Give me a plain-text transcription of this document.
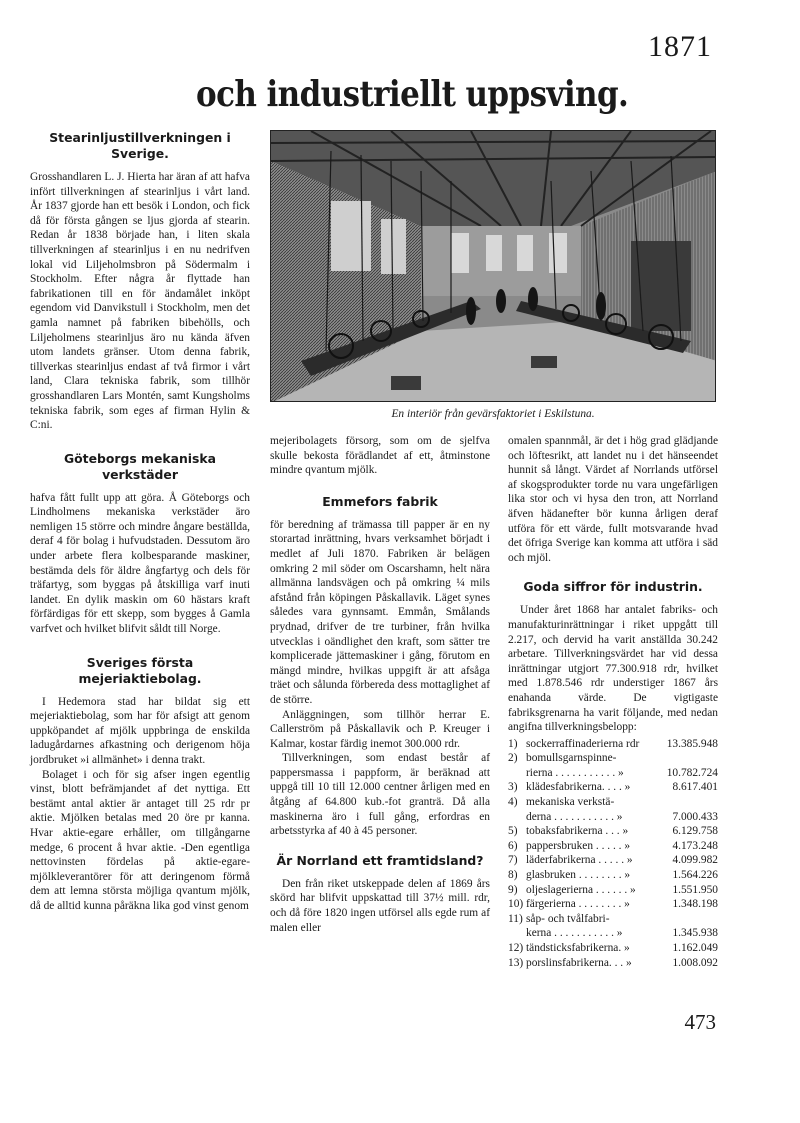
1871
och industriellt uppsving.
Stearinljustillverkningen i Sverige.

Grosshandlaren L. J. Hierta har äran af att hafva infört tillverkningen af stearinljus i vårt land. År 1837 gjorde han ett besök i London, och fick då för första gången se ljus gjorda af stearin. Redan år 1838 började han, i liten skala tillverkningen af stearinljus i en nu nedrifven lokal vid Liljeholmsbron på Södermalm i Stockholm. Efter några år flyttade han fabrikationen till en för ändamålet inköpt egendom vid Danvikstull i Stockholm, men det gamla namnet på fabriken bibehölls, och Liljeholmens stearinljus äro nu kända äfven utom landets gränser. Utom denna fabrik, tillverkas stearinljus endast af två firmor i vårt land, Clara tekniska fabrik, som tillhör grosshandlaren Lars Montén, samt Kungsholms tekniska fabrik, som eges af firman Hylin & C:ni.

Göteborgs mekaniska verkstäder

hafva fått fullt upp att göra. Å Göteborgs och Lindholmens mekaniska verkstäder äro nemligen 15 större och mindre ångare beställda, deraf 4 för bolag i hufvudstaden. Dessutom äro under arbete flera kolbesparande maskiner, bestämda dels för äldre ångfartyg och dels för träfartyg, som byggas på åtskilliga varf inuti landet. En dylik maskin om 60 hästars kraft förfärdigas för ett skepp, som bygges å Gamla varfvet och hvilket blifvit såldt till Norge.

Sveriges första mejeriaktiebolag.

I Hedemora stad har bildat sig ett mejeriaktiebolag, som har för afsigt att genom uppköpandet af mjölk uppbringa de enskilda ladugårdarnes afkastning och derigenom höja jordbruket »i allmänhet» i denna trakt.

Bolaget i och för sig afser ingen egentlig vinst, blott befrämjandet af det nyttiga. Ett bestämt antal aktier är antaget till 25 rdr pr aktie. Mjölken betalas med 20 öre pr kanna. Hvar aktie-egare erhåller, om tillgångarne medge, 6 procent å hvar aktie. -Den egentliga nettovinsten fördelas på aktie-egare-mjölkleverantörer för att deringenom förmå dem att lemna största möjliga qvantum mjölk, då de alltid kunna påräkna lika god vinst genom

En interiör från gevärsfaktoriet i Eskilstuna.

mejeribolagets försorg, som om de sjelfva skulle bekosta förädlandet af ett, åtminstone mindre qvantum mjölk.

Emmefors fabrik

för beredning af trämassa till papper är en ny storartad inrättning, hvars verksamhet börjadt i medlet af Juli 1870. Fabriken är belägen omkring 2 mil söder om Oscarshamn, helt nära allmänna landsvägen och på omkring ¼ mils afstånd från köpingen Påskallavik. Läget synes således vara gynnsamt. Emmån, Smålands prydnad, drifver de tre turbiner, från hvilka utvecklas i oändlighet den kraft, som sätter tre komplicerade jättemaskiner i gång, förutom en mängd mindre, hvilkas uppgift är att afsåga träet och sålunda förbereda dess mottaglighet af de större.

Anläggningen, som tillhör herrar E. Callerström på Påskallavik och P. Kreuger i Kalmar, kostar färdig inemot 300.000 rdr.

Tillverkningen, som endast består af pappersmassa i pappform, är beräknad att uppgå till 10 till 12.000 centner årligen med en åtgång af 64.800 kub.-fot granträ. Då alla maskinerna äro i full gång, erfordras en arbetsstyrka af 40 à 45 personer.

Är Norrland ett framtidsland?

Den från riket utskeppade delen af 1869 års skörd har blifvit uppskattad till 37½ mill. rdr, och då före 1820 ingen utförsel alls egde rum af malen eller

omalen spannmål, är det i hög grad glädjande och löftesrikt, att landet nu i det hänseendet hunnit så långt. Värdet af Norrlands utförsel af skogsprodukter torde nu vara ungefärligen lika stor och vi hysa den tron, att Norrland äfven hädanefter bör kunna årligen deraf utföra för ett värde, fullt motsvarande hvad det öfriga Sverige kan komma att utföra i säd och mjöl.

Goda siffror för industrin.

Under året 1868 har antalet fabriks- och manufakturinrättningar i riket uppgått till 2.217, och dervid ha varit anställda 30.242 arbetare. Tillverkningsvärdet har vid dessa inrättningar utgjort 77.300.918 rdr, hvilket med 1.878.546 rdr understiger 1867 års enahanda värde. De vigtigaste fabriksgrenarna ha varit följande, med nedan angifna tillverkningsbelopp:

1) sockerraffinaderierna rdr	13.385.948
2) bomullsgarnspinne-
rierna . . . . . . . . . . . »	10.782.724
3) klädesfabrikerna. . . . »	8.617.401
4) mekaniska verkstä-
derna . . . . . . . . . . . »	7.000.433
5) tobaksfabrikerna . . . »	6.129.758
6) pappersbruken . . . . . »	4.173.248
7) läderfabrikerna . . . . . »	4.099.982
8) glasbruken . . . . . . . . »	1.564.226
9) oljeslagerierna . . . . . . »	1.551.950
10) färgerierna . . . . . . . . »	1.348.198
11) såp- och tvålfabri-
kerna . . . . . . . . . . . »	1.345.938
12) tändsticksfabrikerna. »	1.162.049
13) porslinsfabrikerna. . . »	1.008.092
473
